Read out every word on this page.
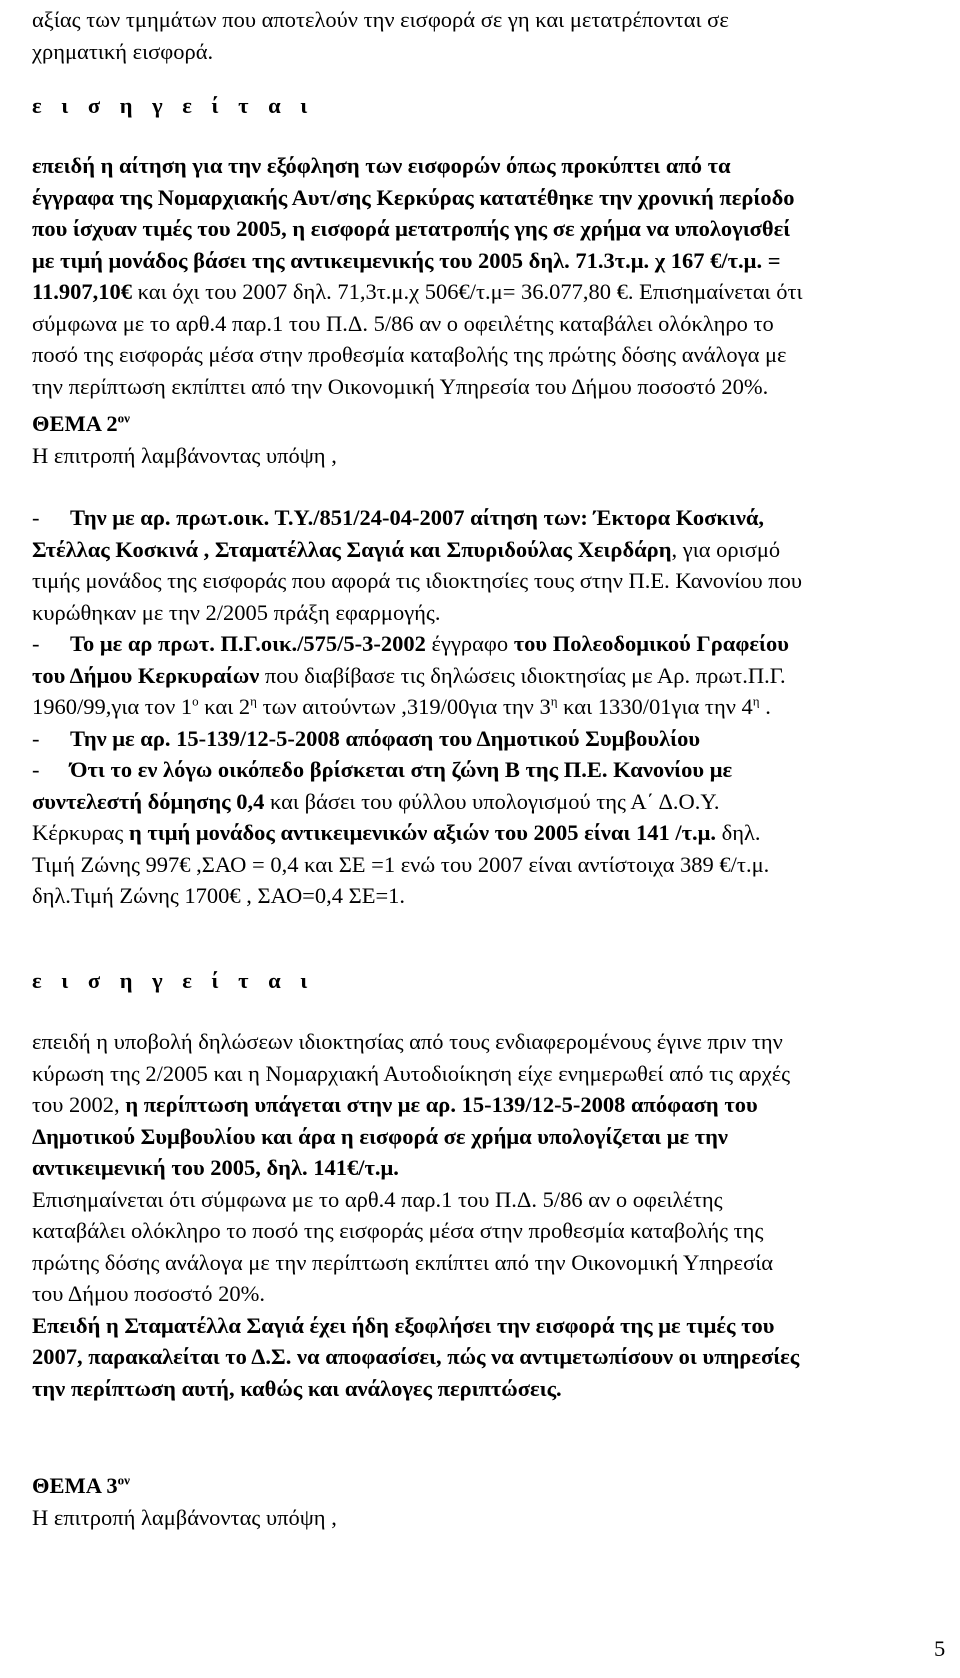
αξίας των τμημάτων που αποτελούν την εισφορά σε γη και μετατρέπονται σε

χρηματική εισφορά.

ε ι σ η γ ε ί τ α ι

επειδή η αίτηση για την εξόφληση των εισφορών όπως προκύπτει από τα

έγγραφα της Νομαρχιακής Αυτ/σης Κερκύρας κατατέθηκε την χρονική περίοδο

που ίσχυαν τιμές του 2005, η εισφορά μετατροπής γης σε χρήμα να υπολογισθεί

με τιμή μονάδος βάσει της αντικειμενικής του 2005 δηλ. 71.3τ.μ. χ 167 €/τ.μ. =

11.907,10€ και όχι του 2007 δηλ. 71,3τ.μ.χ 506€/τ.μ= 36.077,80 €. Επισημαίνεται ότι

σύμφωνα με το αρθ.4 παρ.1 του Π.Δ. 5/86 αν ο οφειλέτης καταβάλει ολόκληρο το

ποσό της εισφοράς μέσα στην προθεσμία καταβολής της πρώτης δόσης ανάλογα με

την περίπτωση εκπίπτει από την Οικονομική Υπηρεσία του Δήμου ποσοστό 20%.

ΘΕΜΑ $2^{o\nu}$

Η επιτροπή λαμβάνοντας υπόψη ,

- Την με αρ. πρωτ.οικ. Τ.Υ./851/24-04-2007 αίτηση των: Έκτορα Κοσκινά,

Στέλλας Κοσκινά , Σταματέλλας Σαγιά και Σπυριδούλας Χειρδάρη, για ορισμό

τιμής μονάδος της εισφοράς που αφορά τις ιδιοκτησίες τους στην Π.Ε. Κανονίου που

κυρώθηκαν με την 2/2005 πράξη εφαρμογής.

- Το με αρ πρωτ. Π.Γ.οικ./575/5-3-2002 έγγραφο του Πολεοδομικού Γραφείου

του Δήμου Κερκυραίων που διαβίβασε τις δηλώσεις ιδιοκτησίας με Αρ. πρωτ.Π.Γ.

1960/99,για τον $1^o$ και $2^\eta$ των αιτούντων ,319/00για την $3^\eta$ και 1330/01για την $4^\eta$ .

- Την με αρ. 15-139/12-5-2008 απόφαση του Δημοτικού Συμβουλίου

- Ότι το εν λόγω οικόπεδο βρίσκεται στη ζώνη Β της Π.Ε. Κανονίου με

συντελεστή δόμησης 0,4 και βάσει του φύλλου υπολογισμού της Α΄ Δ.Ο.Υ.

Κέρκυρας η τιμή μονάδος αντικειμενικών αξιών του 2005 είναι 141 /τ.μ. δηλ.

Τιμή Ζώνης 997€ ,ΣΑΟ = 0,4 και ΣΕ =1 ενώ του 2007 είναι αντίστοιχα 389 €/τ.μ.

δηλ.Τιμή Ζώνης 1700€ , ΣΑΟ=0,4 ΣΕ=1.

ε ι σ η γ ε ί τ α ι

επειδή η υποβολή δηλώσεων ιδιοκτησίας από τους ενδιαφερομένους έγινε πριν την

κύρωση της 2/2005 και η Νομαρχιακή Αυτοδιοίκηση είχε ενημερωθεί από τις αρχές

του 2002, η περίπτωση υπάγεται στην με αρ. 15-139/12-5-2008 απόφαση του

Δημοτικού Συμβουλίου και άρα η εισφορά σε χρήμα υπολογίζεται με την

αντικειμενική του 2005, δηλ. 141€/τ.μ.

Επισημαίνεται ότι σύμφωνα με το αρθ.4 παρ.1 του Π.Δ. 5/86 αν ο οφειλέτης

καταβάλει ολόκληρο το ποσό της εισφοράς μέσα στην προθεσμία καταβολής της

πρώτης δόσης ανάλογα με την περίπτωση εκπίπτει από την Οικονομική Υπηρεσία

του Δήμου ποσοστό 20%.

Επειδή η Σταματέλλα Σαγιά έχει ήδη εξοφλήσει την εισφορά της με τιμές του

2007, παρακαλείται το Δ.Σ. να αποφασίσει, πώς να αντιμετωπίσουν οι υπηρεσίες

την περίπτωση αυτή, καθώς και ανάλογες περιπτώσεις.

ΘΕΜΑ $3^{o\nu}$

Η επιτροπή λαμβάνοντας υπόψη ,

5
